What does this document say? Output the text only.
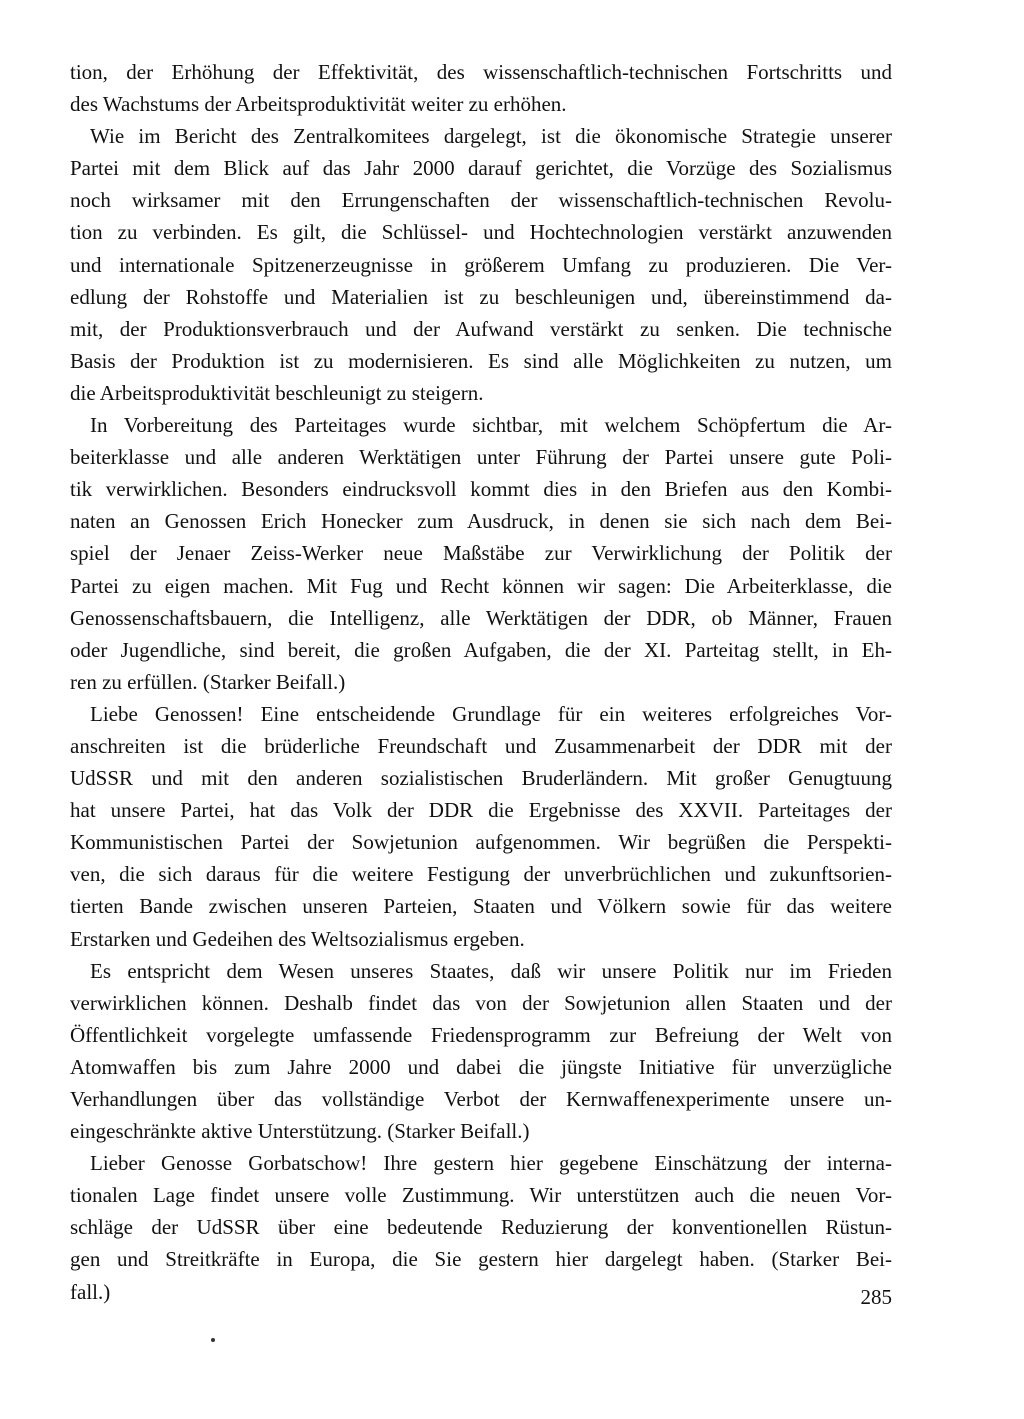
tion, der Erhöhung der Effektivität, des wissenschaftlich-technischen Fortschritts und
des Wachstums der Arbeitsproduktivität weiter zu erhöhen.
Wie im Bericht des Zentralkomitees dargelegt, ist die ökonomische Strategie unserer
Partei mit dem Blick auf das Jahr 2000 darauf gerichtet, die Vorzüge des Sozialismus
noch wirksamer mit den Errungenschaften der wissenschaftlich-technischen Revolu-
tion zu verbinden. Es gilt, die Schlüssel- und Hochtechnologien verstärkt anzuwenden
und internationale Spitzenerzeugnisse in größerem Umfang zu produzieren. Die Ver-
edlung der Rohstoffe und Materialien ist zu beschleunigen und, übereinstimmend da-
mit, der Produktionsverbrauch und der Aufwand verstärkt zu senken. Die technische
Basis der Produktion ist zu modernisieren. Es sind alle Möglichkeiten zu nutzen, um
die Arbeitsproduktivität beschleunigt zu steigern.
In Vorbereitung des Parteitages wurde sichtbar, mit welchem Schöpfertum die Ar-
beiterklasse und alle anderen Werktätigen unter Führung der Partei unsere gute Poli-
tik verwirklichen. Besonders eindrucksvoll kommt dies in den Briefen aus den Kombi-
naten an Genossen Erich Honecker zum Ausdruck, in denen sie sich nach dem Bei-
spiel der Jenaer Zeiss-Werker neue Maßstäbe zur Verwirklichung der Politik der
Partei zu eigen machen. Mit Fug und Recht können wir sagen: Die Arbeiterklasse, die
Genossenschaftsbauern, die Intelligenz, alle Werktätigen der DDR, ob Männer, Frauen
oder Jugendliche, sind bereit, die großen Aufgaben, die der XI. Parteitag stellt, in Eh-
ren zu erfüllen. (Starker Beifall.)
Liebe Genossen! Eine entscheidende Grundlage für ein weiteres erfolgreiches Vor-
anschreiten ist die brüderliche Freundschaft und Zusammenarbeit der DDR mit der
UdSSR und mit den anderen sozialistischen Bruderländern. Mit großer Genugtuung
hat unsere Partei, hat das Volk der DDR die Ergebnisse des XXVII. Parteitages der
Kommunistischen Partei der Sowjetunion aufgenommen. Wir begrüßen die Perspekti-
ven, die sich daraus für die weitere Festigung der unverbrüchlichen und zukunftsorien-
tierten Bande zwischen unseren Parteien, Staaten und Völkern sowie für das weitere
Erstarken und Gedeihen des Weltsozialismus ergeben.
Es entspricht dem Wesen unseres Staates, daß wir unsere Politik nur im Frieden
verwirklichen können. Deshalb findet das von der Sowjetunion allen Staaten und der
Öffentlichkeit vorgelegte umfassende Friedensprogramm zur Befreiung der Welt von
Atomwaffen bis zum Jahre 2000 und dabei die jüngste Initiative für unverzügliche
Verhandlungen über das vollständige Verbot der Kernwaffenexperimente unsere un-
eingeschränkte aktive Unterstützung. (Starker Beifall.)
Lieber Genosse Gorbatschow! Ihre gestern hier gegebene Einschätzung der interna-
tionalen Lage findet unsere volle Zustimmung. Wir unterstützen auch die neuen Vor-
schläge der UdSSR über eine bedeutende Reduzierung der konventionellen Rüstun-
gen und Streitkräfte in Europa, die Sie gestern hier dargelegt haben. (Starker Bei-
fall.)	285
